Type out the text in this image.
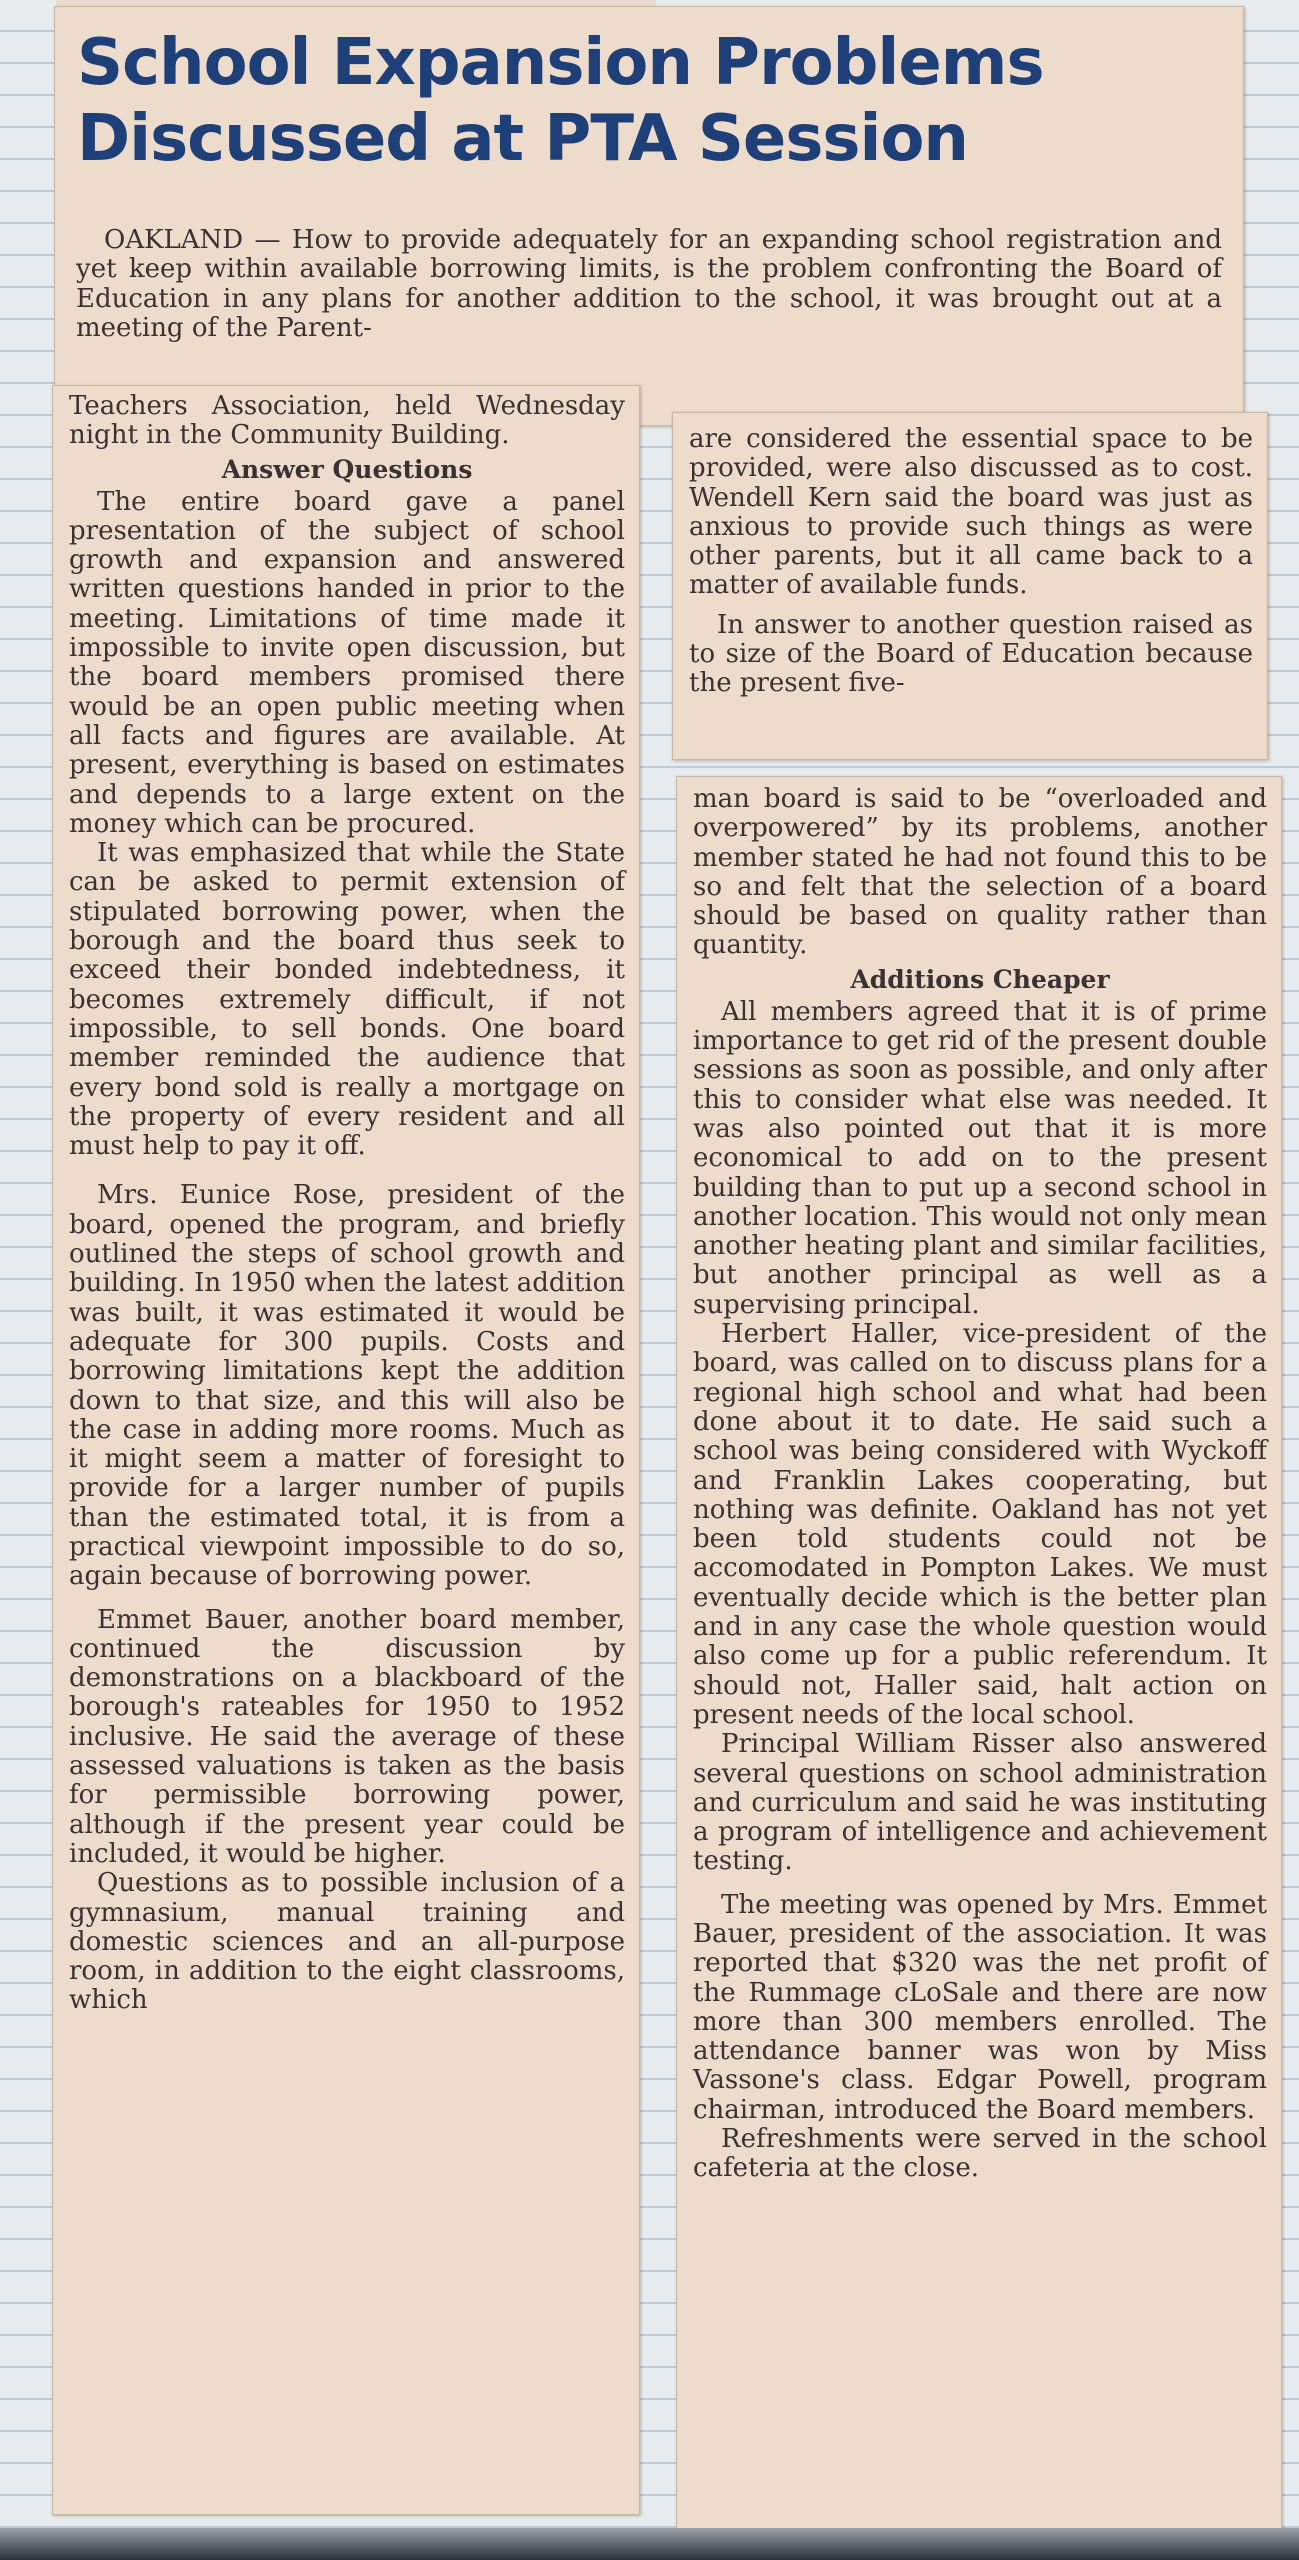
School Expansion Problems
Discussed at PTA Session

OAKLAND — How to provide adequately for an expanding school registration and yet keep within available borrowing limits, is the problem confronting the Board of Education in any plans for another addition to the school, it was brought out at a meeting of the Parent-

Teachers Association, held Wednesday night in the Community Building.

Answer Questions

The entire board gave a panel presentation of the subject of school growth and expansion and answered written questions handed in prior to the meeting. Limitations of time made it impossible to invite open discussion, but the board members promised there would be an open public meeting when all facts and figures are available. At present, everything is based on estimates and depends to a large extent on the money which can be procured.

It was emphasized that while the State can be asked to permit extension of stipulated borrowing power, when the borough and the board thus seek to exceed their bonded indebtedness, it becomes extremely difficult, if not impossible, to sell bonds. One board member reminded the audience that every bond sold is really a mortgage on the property of every resident and all must help to pay it off.

Mrs. Eunice Rose, president of the board, opened the program, and briefly outlined the steps of school growth and building. In 1950 when the latest addition was built, it was estimated it would be adequate for 300 pupils. Costs and borrowing limitations kept the addition down to that size, and this will also be the case in adding more rooms. Much as it might seem a matter of foresight to provide for a larger number of pupils than the estimated total, it is from a practical viewpoint impossible to do so, again because of borrowing power.

Emmet Bauer, another board member, continued the discussion by demonstrations on a blackboard of the borough's rateables for 1950 to 1952 inclusive. He said the average of these assessed valuations is taken as the basis for permissible borrowing power, although if the present year could be included, it would be higher.

Questions as to possible inclusion of a gymnasium, manual training and domestic sciences and an all-purpose room, in addition to the eight classrooms, which

are considered the essential space to be provided, were also discussed as to cost. Wendell Kern said the board was just as anxious to provide such things as were other parents, but it all came back to a matter of available funds.

In answer to another question raised as to size of the Board of Education because the present five-

man board is said to be “overloaded and overpowered” by its problems, another member stated he had not found this to be so and felt that the selection of a board should be based on quality rather than quantity.

Additions Cheaper

All members agreed that it is of prime importance to get rid of the present double sessions as soon as possible, and only after this to consider what else was needed. It was also pointed out that it is more economical to add on to the present building than to put up a second school in another location. This would not only mean another heating plant and similar facilities, but another principal as well as a supervising principal.

Herbert Haller, vice-president of the board, was called on to discuss plans for a regional high school and what had been done about it to date. He said such a school was being considered with Wyckoff and Franklin Lakes cooperating, but nothing was definite. Oakland has not yet been told students could not be accomodated in Pompton Lakes. We must eventually decide which is the better plan and in any case the whole question would also come up for a public referendum. It should not, Haller said, halt action on present needs of the local school.

Principal William Risser also answered several questions on school administration and curriculum and said he was instituting a program of intelligence and achievement testing.

The meeting was opened by Mrs. Emmet Bauer, president of the association. It was reported that $320 was the net profit of the Rummage cLoSale and there are now more than 300 members enrolled. The attendance banner was won by Miss Vassone's class. Edgar Powell, program chairman, introduced the Board members.

Refreshments were served in the school cafeteria at the close.
